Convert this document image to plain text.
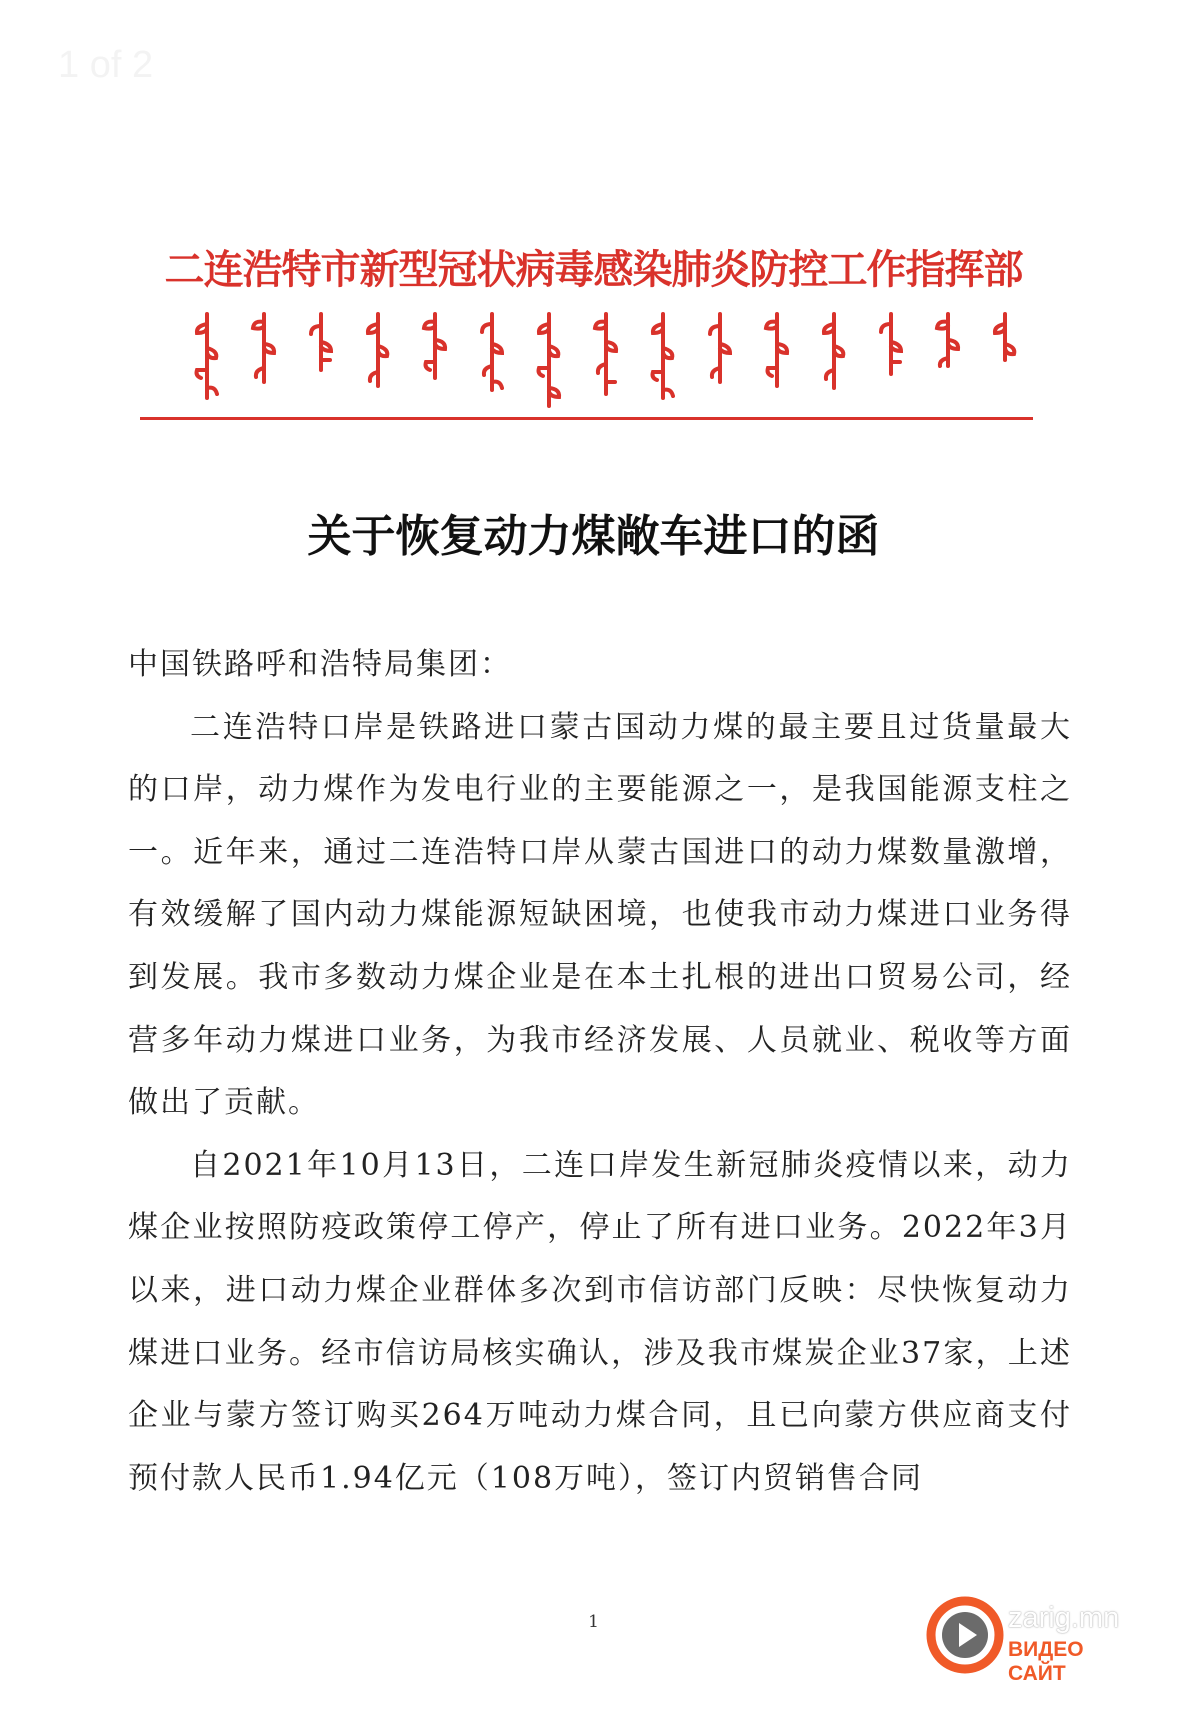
1 of 2
二连浩特市新型冠状病毒感染肺炎防控工作指挥部
关于恢复动力煤敞车进口的函

中国铁路呼和浩特局集团：

二连浩特口岸是铁路进口蒙古国动力煤的最主要且过货量最大的口岸，动力煤作为发电行业的主要能源之一，是我国能源支柱之一。近年来，通过二连浩特口岸从蒙古国进口的动力煤数量激增，有效缓解了国内动力煤能源短缺困境，也使我市动力煤进口业务得到发展。我市多数动力煤企业是在本土扎根的进出口贸易公司，经营多年动力煤进口业务，为我市经济发展、人员就业、税收等方面做出了贡献。

自2021年10月13日，二连口岸发生新冠肺炎疫情以来，动力煤企业按照防疫政策停工停产，停止了所有进口业务。2022年3月以来，进口动力煤企业群体多次到市信访部门反映：尽快恢复动力煤进口业务。经市信访局核实确认，涉及我市煤炭企业37家，上述企业与蒙方签订购买264万吨动力煤合同，且已向蒙方供应商支付预付款人民币1.94亿元（108万吨），签订内贸销售合同

1	zarig.mn
ВИДЕО САЙТ
